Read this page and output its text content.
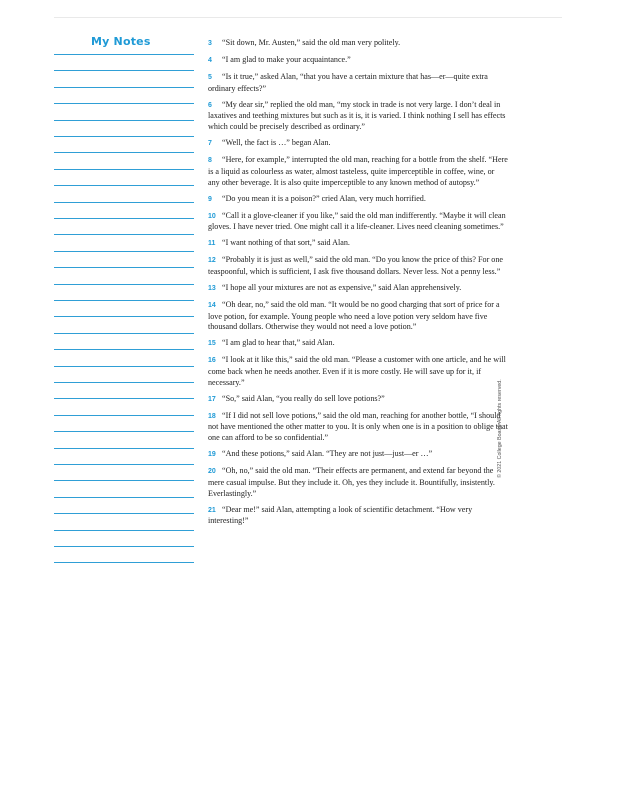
My Notes	3 “Sit down, Mr. Austen,” said the old man very politely.

4 “I am glad to make your acquaintance.”

5 “Is it true,” asked Alan, “that you have a certain mixture that has—er—quite extra ordinary effects?”

6 “My dear sir,” replied the old man, “my stock in trade is not very large. I don’t deal in laxatives and teething mixtures but such as it is, it is varied. I think nothing I sell has effects which could be precisely described as ordinary.”

7 “Well, the fact is …” began Alan.

8 “Here, for example,” interrupted the old man, reaching for a bottle from the shelf. “Here is a liquid as colourless as water, almost tasteless, quite imperceptible in coffee, wine, or any other beverage. It is also quite imperceptible to any known method of autopsy.”

9 “Do you mean it is a poison?” cried Alan, very much horrified.

10 “Call it a glove-cleaner if you like,” said the old man indifferently. “Maybe it will clean gloves. I have never tried. One might call it a life-cleaner. Lives need cleaning sometimes.”

11 “I want nothing of that sort,” said Alan.

12 “Probably it is just as well,” said the old man. “Do you know the price of this? For one teaspoonful, which is sufficient, I ask five thousand dollars. Never less. Not a penny less.”

13 “I hope all your mixtures are not as expensive,” said Alan apprehensively.

14 “Oh dear, no,” said the old man. “It would be no good charging that sort of price for a love potion, for example. Young people who need a love potion very seldom have five thousand dollars. Otherwise they would not need a love potion.”

15 “I am glad to hear that,” said Alan.

16 “I look at it like this,” said the old man. “Please a customer with one article, and he will come back when he needs another. Even if it is more costly. He will save up for it, if necessary.”

17 “So,” said Alan, “you really do sell love potions?”

18 “If I did not sell love potions,” said the old man, reaching for another bottle, “I should not have mentioned the other matter to you. It is only when one is in a position to oblige that one can afford to be so confidential.”

19 “And these potions,” said Alan. “They are not just—just—er …”

20 “Oh, no,” said the old man. “Their effects are permanent, and extend far beyond the mere casual impulse. But they include it. Oh, yes they include it. Bountifully, insistently. Everlastingly.”

21 “Dear me!” said Alan, attempting a look of scientific detachment. “How very interesting!”

© 2021 College Board. All rights reserved.
